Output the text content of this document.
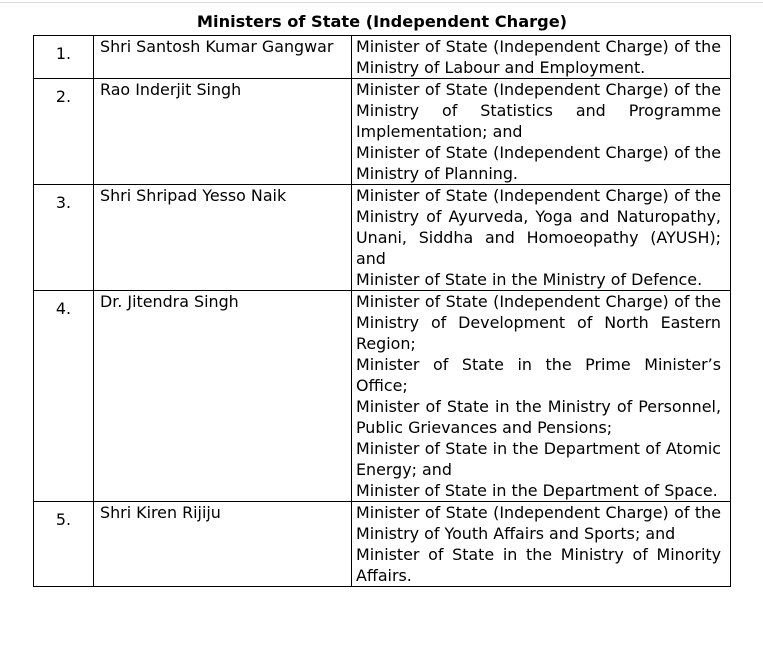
Ministers of State (Independent Charge)
1.	Shri Santosh Kumar Gangwar	Minister of State (Independent Charge) of the Ministry of Labour and Employment.

2.	Rao Inderjit Singh	Minister of State (Independent Charge) of the Ministry of Statistics and Programme Implementation; and
Minister of State (Independent Charge) of the Ministry of Planning.

3.	Shri Shripad Yesso Naik	Minister of State (Independent Charge) of the Ministry of Ayurveda, Yoga and Naturopathy, Unani, Siddha and Homoeopathy (AYUSH); and
Minister of State in the Ministry of Defence.

4.	Dr. Jitendra Singh	Minister of State (Independent Charge) of the Ministry of Development of North Eastern Region;
Minister of State in the Prime Minister’s Office;
Minister of State in the Ministry of Personnel, Public Grievances and Pensions;
Minister of State in the Department of Atomic Energy; and
Minister of State in the Department of Space.

5.	Shri Kiren Rijiju	Minister of State (Independent Charge) of the Ministry of Youth Affairs and Sports; and
Minister of State in the Ministry of Minority Affairs.
